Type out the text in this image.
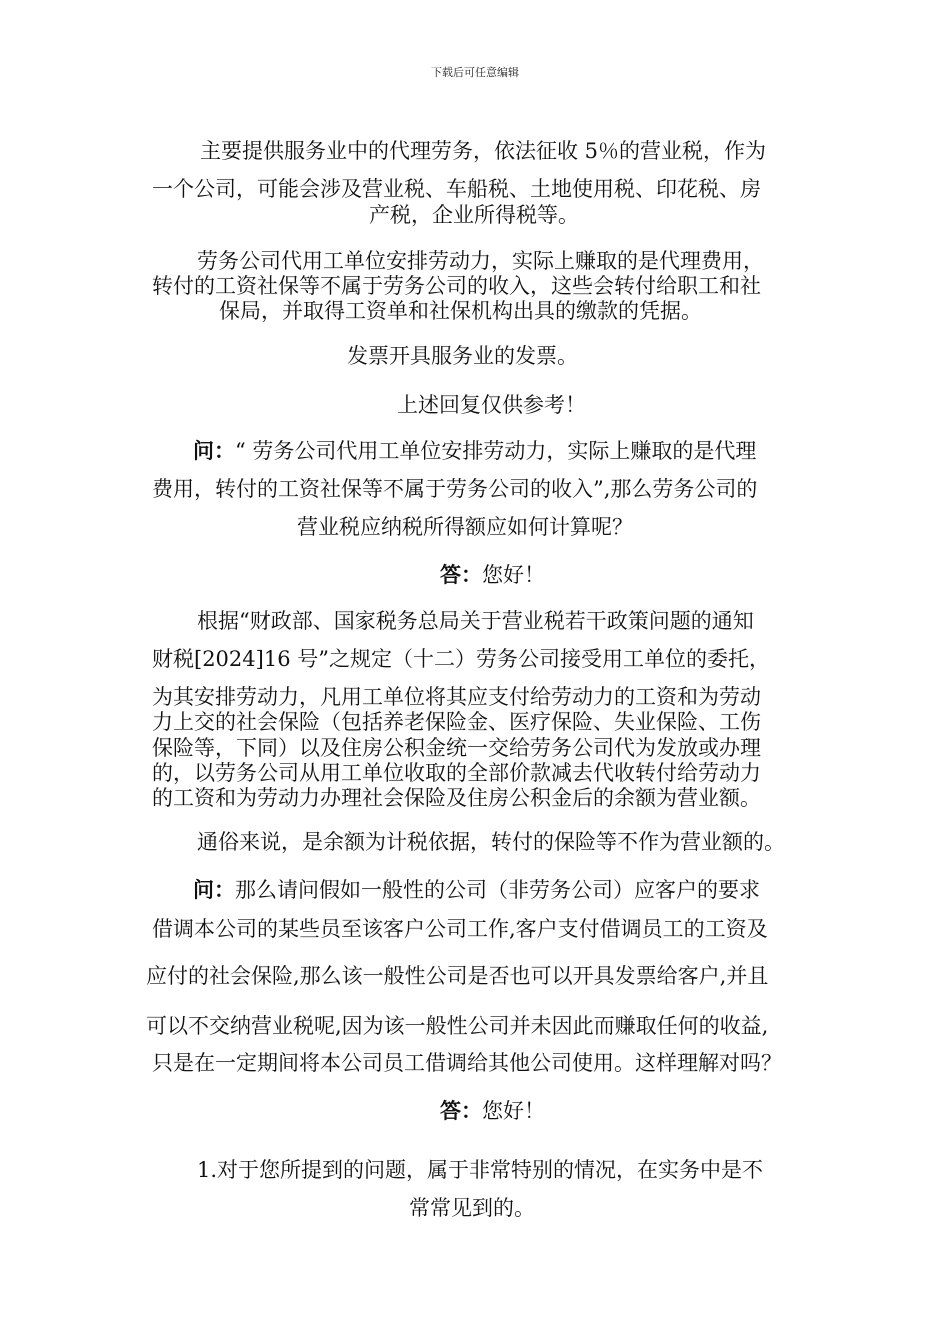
下载后可任意编辑
主要提供服务业中的代理劳务，依法征收 5％的营业税，作为
一个公司，可能会涉及营业税、车船税、土地使用税、印花税、房
产税，企业所得税等。
劳务公司代用工单位安排劳动力，实际上赚取的是代理费用，
转付的工资社保等不属于劳务公司的收入，这些会转付给职工和社
保局，并取得工资单和社保机构出具的缴款的凭据。
发票开具服务业的发票。
上述回复仅供参考！
问：“ 劳务公司代用工单位安排劳动力，实际上赚取的是代理
费用，转付的工资社保等不属于劳务公司的收入”,那么劳务公司的
营业税应纳税所得额应如何计算呢？
答：您好！
根据“财政部、国家税务总局关于营业税若干政策问题的通知
财税[2024]16 号”之规定（十二）劳务公司接受用工单位的委托，
为其安排劳动力，凡用工单位将其应支付给劳动力的工资和为劳动
力上交的社会保险（包括养老保险金、医疗保险、失业保险、工伤
保险等，下同）以及住房公积金统一交给劳务公司代为发放或办理
的，以劳务公司从用工单位收取的全部价款减去代收转付给劳动力
的工资和为劳动力办理社会保险及住房公积金后的余额为营业额。
通俗来说，是余额为计税依据，转付的保险等不作为营业额的。
问：那么请问假如一般性的公司（非劳务公司）应客户的要求
借调本公司的某些员至该客户公司工作,客户支付借调员工的工资及
应付的社会保险,那么该一般性公司是否也可以开具发票给客户,并且
可以不交纳营业税呢,因为该一般性公司并未因此而赚取任何的收益,
只是在一定期间将本公司员工借调给其他公司使用。这样理解对吗？
答：您好！
1.对于您所提到的问题，属于非常特别的情况，在实务中是不
常常见到的。
